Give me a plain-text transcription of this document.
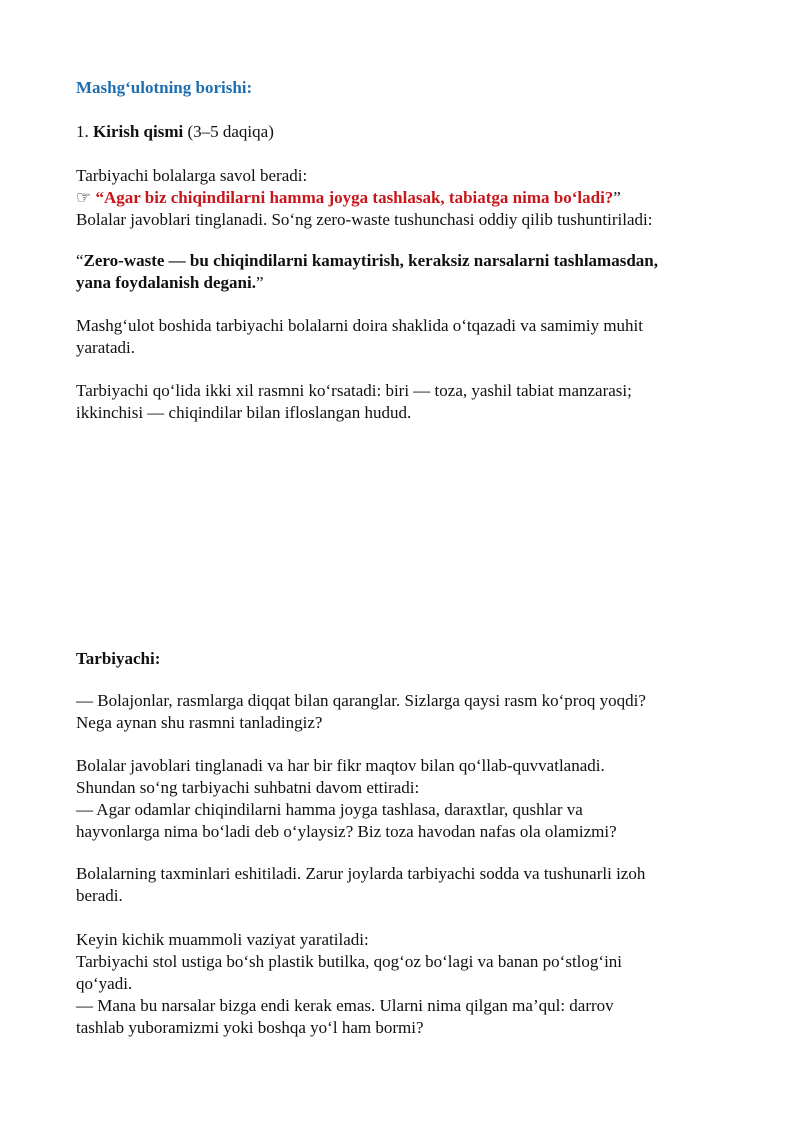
Mashg‘ulotning borishi:

1. Kirish qismi (3–5 daqiqa)

Tarbiyachi bolalarga savol beradi:

☞ “Agar biz chiqindilarni hamma joyga tashlasak, tabiatga nima bo‘ladi?”

Bolalar javoblari tinglanadi. So‘ng zero-waste tushunchasi oddiy qilib tushuntiriladi:

“Zero-waste — bu chiqindilarni kamaytirish, keraksiz narsalarni tashlamasdan,

yana foydalanish degani.”

Mashg‘ulot boshida tarbiyachi bolalarni doira shaklida o‘tqazadi va samimiy muhit

yaratadi.

Tarbiyachi qo‘lida ikki xil rasmni ko‘rsatadi: biri — toza, yashil tabiat manzarasi;

ikkinchisi — chiqindilar bilan ifloslangan hudud.

Tarbiyachi:

— Bolajonlar, rasmlarga diqqat bilan qaranglar. Sizlarga qaysi rasm ko‘proq yoqdi?

Nega aynan shu rasmni tanladingiz?

Bolalar javoblari tinglanadi va har bir fikr maqtov bilan qo‘llab-quvvatlanadi.

Shundan so‘ng tarbiyachi suhbatni davom ettiradi:

— Agar odamlar chiqindilarni hamma joyga tashlasa, daraxtlar, qushlar va

hayvonlarga nima bo‘ladi deb o‘ylaysiz? Biz toza havodan nafas ola olamizmi?

Bolalarning taxminlari eshitiladi. Zarur joylarda tarbiyachi sodda va tushunarli izoh

beradi.

Keyin kichik muammoli vaziyat yaratiladi:

Tarbiyachi stol ustiga bo‘sh plastik butilka, qog‘oz bo‘lagi va banan po‘stlog‘ini

qo‘yadi.

— Mana bu narsalar bizga endi kerak emas. Ularni nima qilgan ma’qul: darrov

tashlab yuboramizmi yoki boshqa yo‘l ham bormi?
